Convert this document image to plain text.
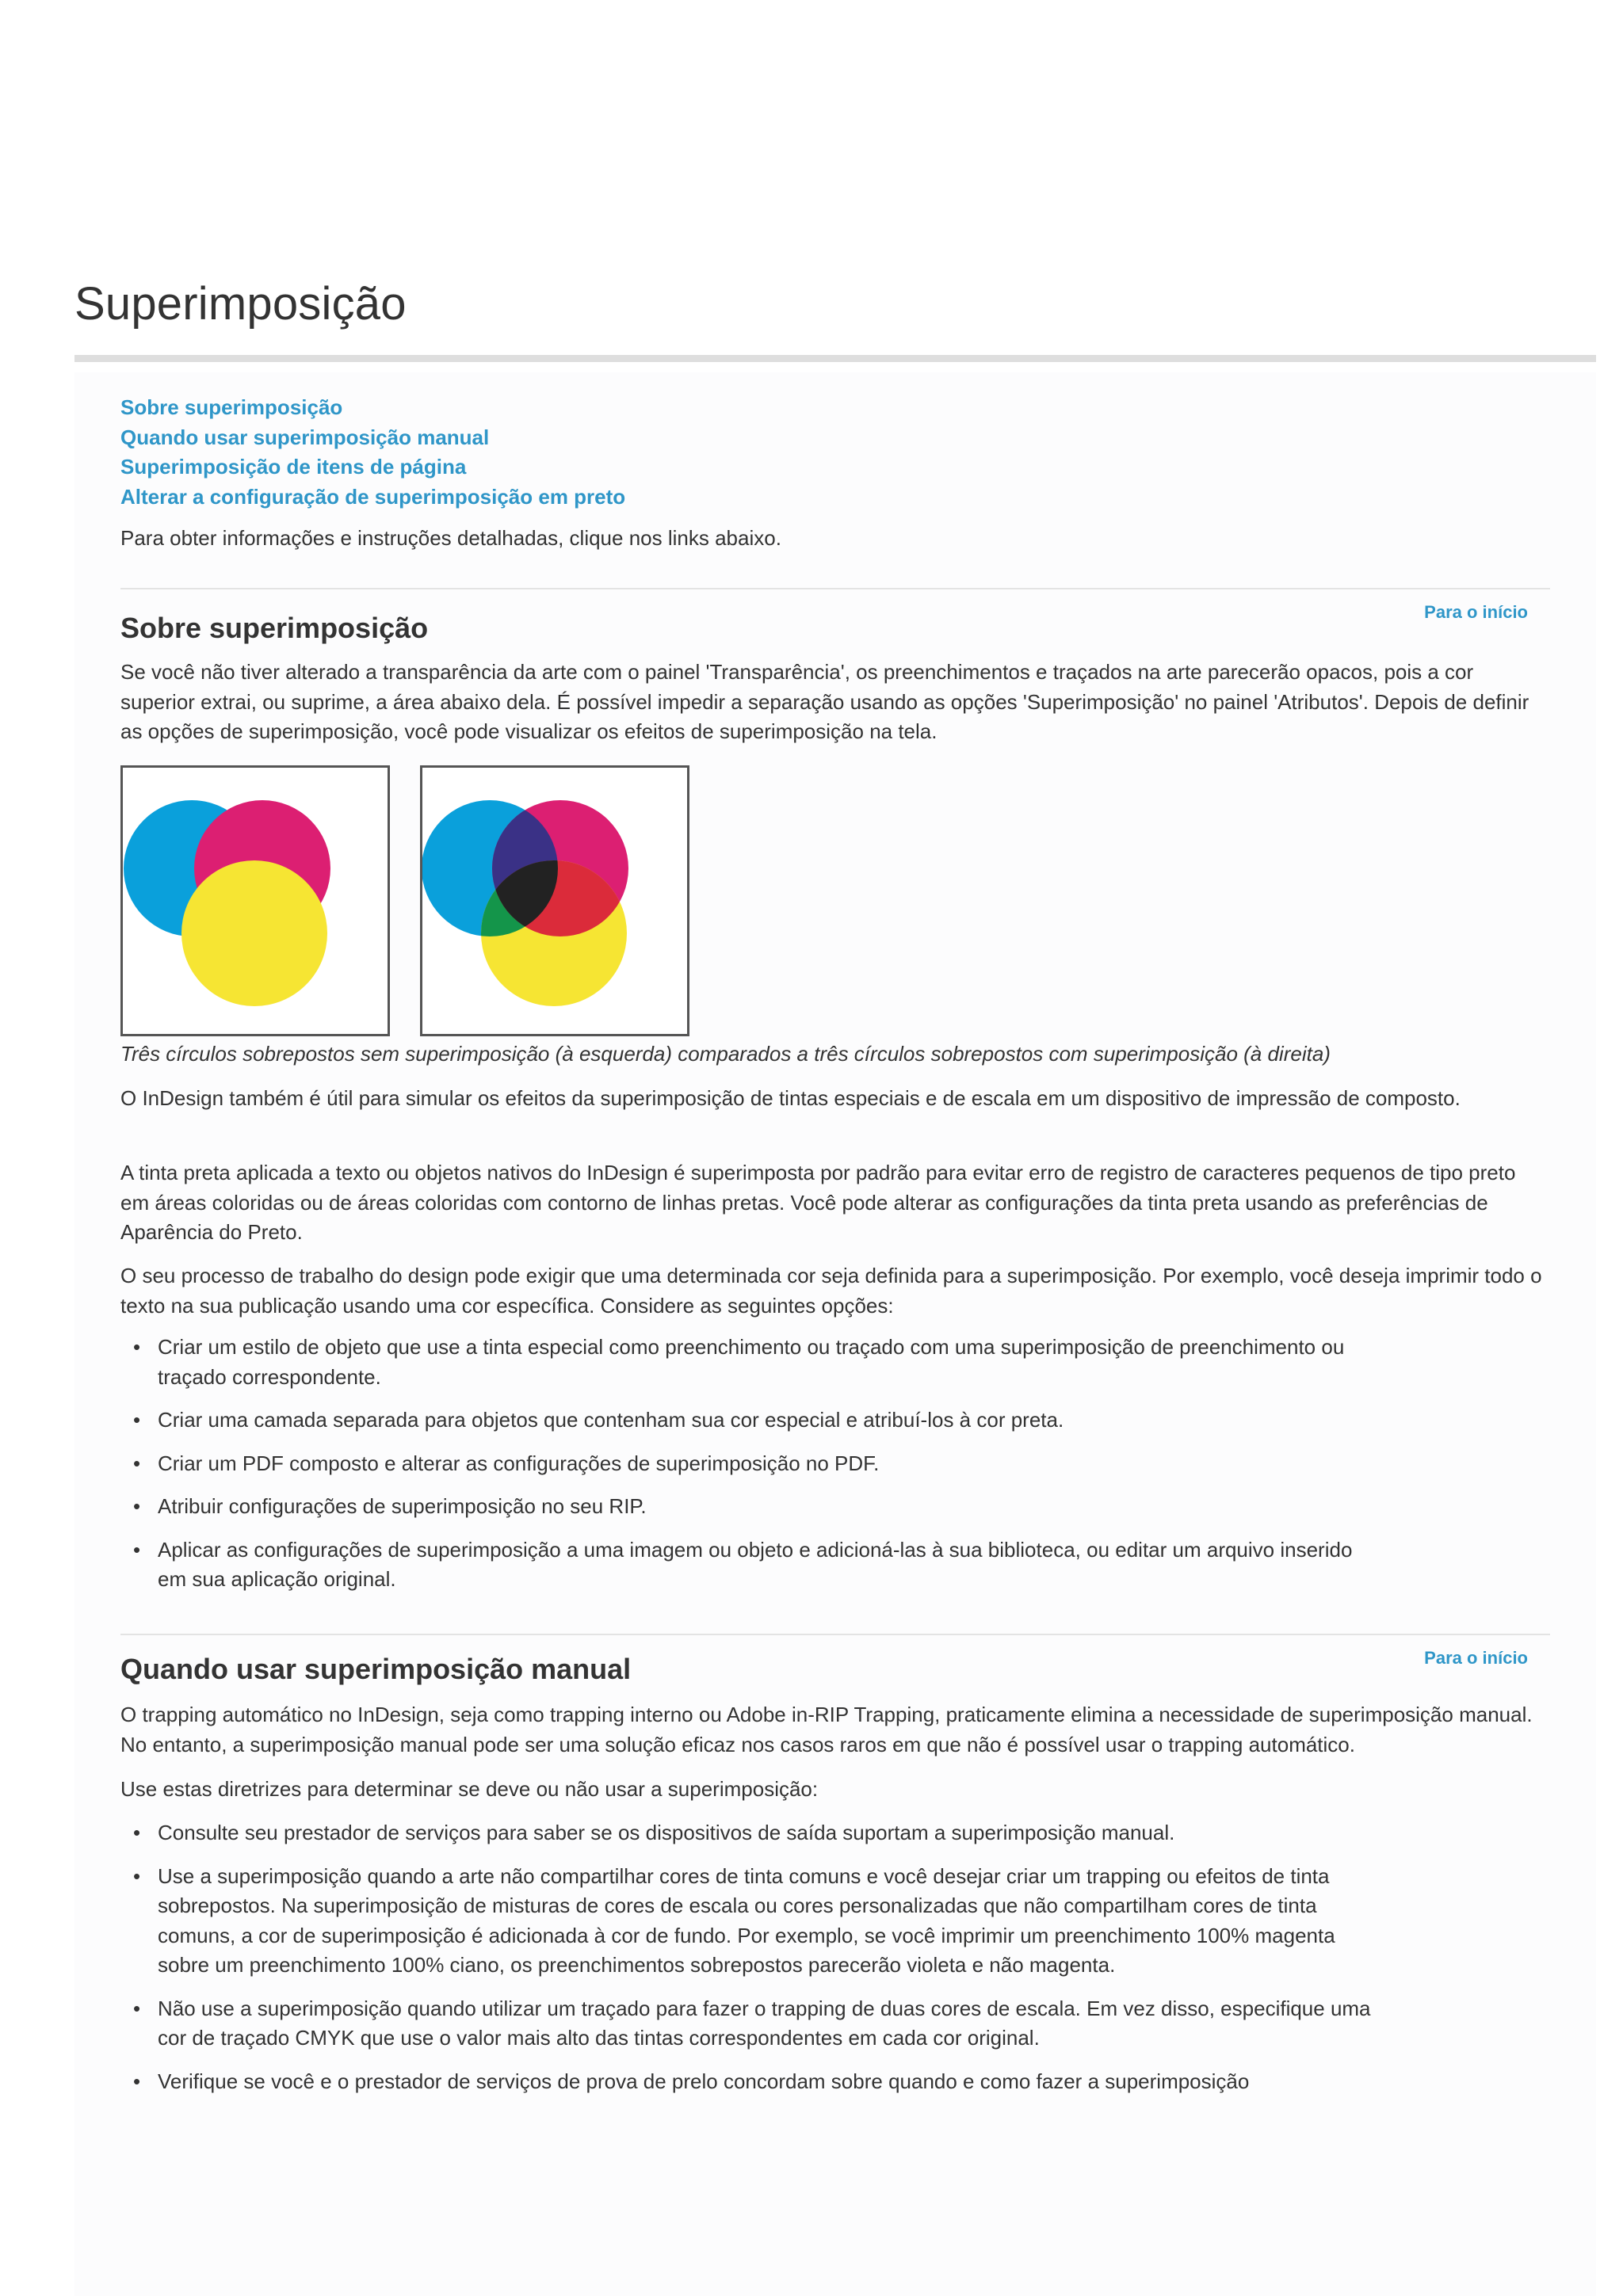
Superimposição
Sobre superimposição
Quando usar superimposição manual
Superimposição de itens de página
Alterar a configuração de superimposição em preto

Para obter informações e instruções detalhadas, clique nos links abaixo.

Para o início
Sobre superimposição

Se você não tiver alterado a transparência da arte com o painel 'Transparência', os preenchimentos e traçados na arte parecerão opacos, pois a cor superior extrai, ou suprime, a área abaixo dela. É possível impedir a separação usando as opções 'Superimposição' no painel 'Atributos'. Depois de definir as opções de superimposição, você pode visualizar os efeitos de superimposição na tela.

Três círculos sobrepostos sem superimposição (à esquerda) comparados a três círculos sobrepostos com superimposição (à direita)

O InDesign também é útil para simular os efeitos da superimposição de tintas especiais e de escala em um dispositivo de impressão de composto.

A tinta preta aplicada a texto ou objetos nativos do InDesign é superimposta por padrão para evitar erro de registro de caracteres pequenos de tipo preto em áreas coloridas ou de áreas coloridas com contorno de linhas pretas. Você pode alterar as configurações da tinta preta usando as preferências de Aparência do Preto.

O seu processo de trabalho do design pode exigir que uma determinada cor seja definida para a superimposição. Por exemplo, você deseja imprimir todo o texto na sua publicação usando uma cor específica. Considere as seguintes opções:

• Criar um estilo de objeto que use a tinta especial como preenchimento ou traçado com uma superimposição de preenchimento ou traçado correspondente.
• Criar uma camada separada para objetos que contenham sua cor especial e atribuí-los à cor preta.
• Criar um PDF composto e alterar as configurações de superimposição no PDF.
• Atribuir configurações de superimposição no seu RIP.
• Aplicar as configurações de superimposição a uma imagem ou objeto e adicioná-las à sua biblioteca, ou editar um arquivo inserido em sua aplicação original.
Para o início
Quando usar superimposição manual

O trapping automático no InDesign, seja como trapping interno ou Adobe in-RIP Trapping, praticamente elimina a necessidade de superimposição manual. No entanto, a superimposição manual pode ser uma solução eficaz nos casos raros em que não é possível usar o trapping automático.

Use estas diretrizes para determinar se deve ou não usar a superimposição:

• Consulte seu prestador de serviços para saber se os dispositivos de saída suportam a superimposição manual.
• Use a superimposição quando a arte não compartilhar cores de tinta comuns e você desejar criar um trapping ou efeitos de tinta sobrepostos. Na superimposição de misturas de cores de escala ou cores personalizadas que não compartilham cores de tinta comuns, a cor de superimposição é adicionada à cor de fundo. Por exemplo, se você imprimir um preenchimento 100% magenta sobre um preenchimento 100% ciano, os preenchimentos sobrepostos parecerão violeta e não magenta.
• Não use a superimposição quando utilizar um traçado para fazer o trapping de duas cores de escala. Em vez disso, especifique uma cor de traçado CMYK que use o valor mais alto das tintas correspondentes em cada cor original.
• Verifique se você e o prestador de serviços de prova de prelo concordam sobre quando e como fazer a superimposição
